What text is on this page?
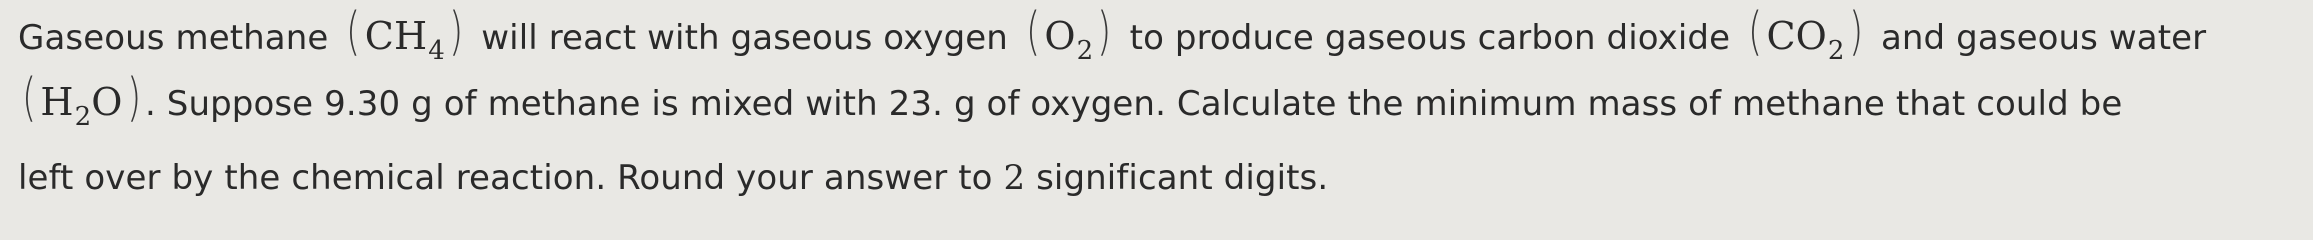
Gaseous methane ( CH 4 ) will react with gaseous oxygen ( O 2 ) to produce gaseous carbon dioxide ( CO 2 ) and gaseous water
( H 2 O ) . Suppose 9.30 g of methane is mixed with 23. g of oxygen. Calculate the minimum mass of methane that could be
left over by the chemical reaction. Round your answer to 2 significant digits.
